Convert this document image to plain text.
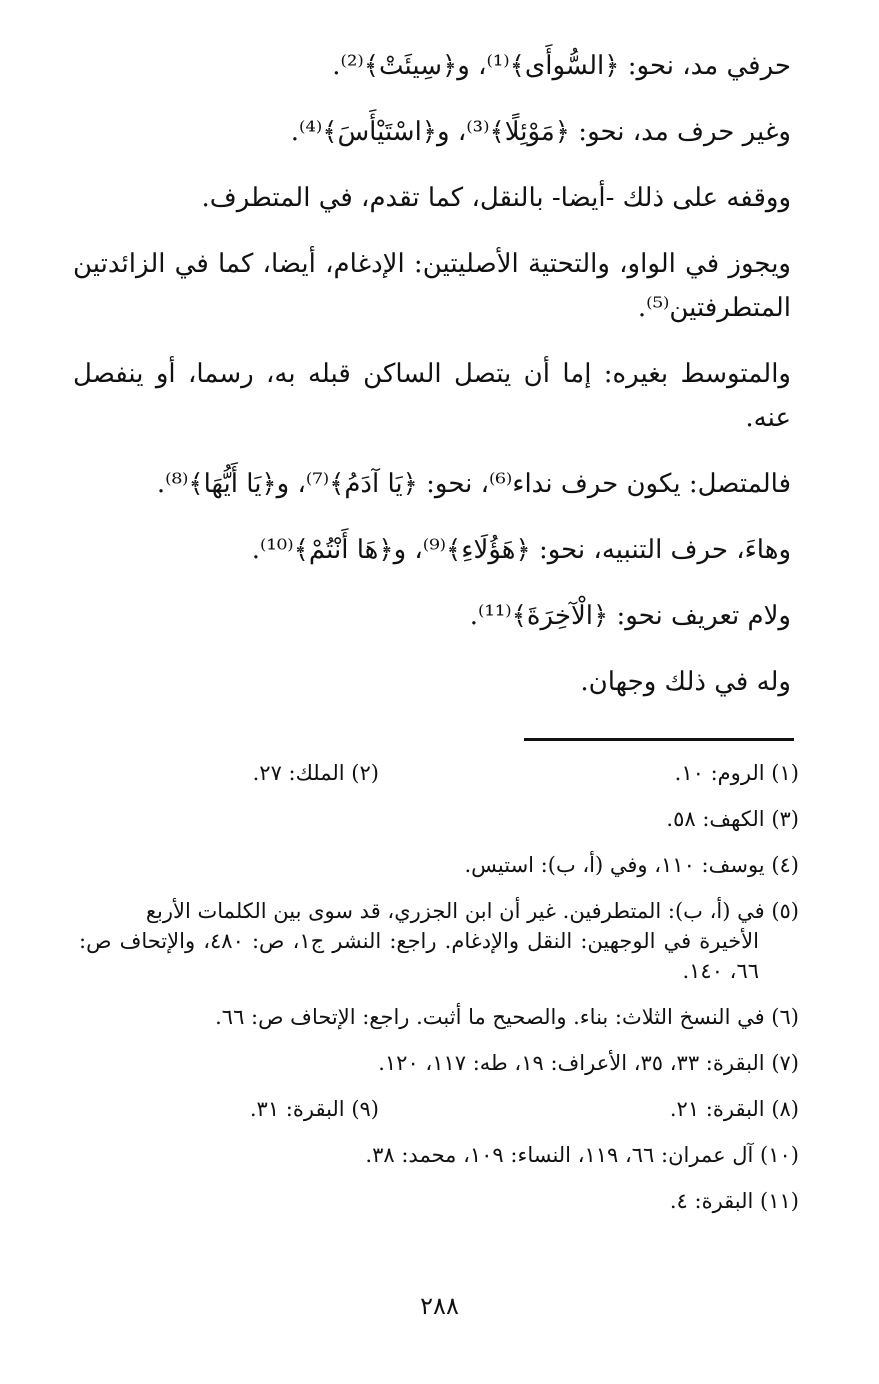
حرفي مد، نحو: ﴿السُّوأَى﴾⁽¹⁾، و﴿سِيئَتْ﴾⁽²⁾.

وغير حرف مد، نحو: ﴿مَوْئِلًا﴾⁽³⁾، و﴿اسْتَيْأَسَ﴾⁽⁴⁾.

ووقفه على ذلك -أيضا- بالنقل، كما تقدم، في المتطرف.

ويجوز في الواو، والتحتية الأصليتين: الإدغام، أيضا، كما في الزائدتين المتطرفتين⁽⁵⁾.

والمتوسط بغيره: إما أن يتصل الساكن قبله به، رسما، أو ينفصل عنه.

فالمتصل: يكون حرف نداء⁽⁶⁾، نحو: ﴿يَا آدَمُ﴾⁽⁷⁾، و﴿يَا أَيُّهَا﴾⁽⁸⁾.

وهاءَ، حرف التنبيه، نحو: ﴿هَؤُلَاءِ﴾⁽⁹⁾، و﴿هَا أَنْتُمْ﴾⁽¹⁰⁾.

ولام تعريف نحو: ﴿الْآخِرَةَ﴾⁽¹¹⁾.

وله في ذلك وجهان.

(١) الروم: ١٠.
(٢) الملك: ٢٧.

(٣) الكهف: ٥٨.

(٤) يوسف: ١١٠، وفي (أ، ب): استيس.

(٥) في (أ، ب): المتطرفين. غير أن ابن الجزري، قد سوى بين الكلمات الأربع
الأخيرة في الوجهين: النقل والإدغام. راجع: النشر ج١، ص: ٤٨٠، والإتحاف ص: ٦٦، ١٤٠.

(٦) في النسخ الثلاث: بناء. والصحيح ما أثبت. راجع: الإتحاف ص: ٦٦.

(٧) البقرة: ٣٣، ٣٥، الأعراف: ١٩، طه: ١١٧، ١٢٠.

(٨) البقرة: ٢١.
(٩) البقرة: ٣١.

(١٠) آل عمران: ٦٦، ١١٩، النساء: ١٠٩، محمد: ٣٨.

(١١) البقرة: ٤.

٢٨٨
